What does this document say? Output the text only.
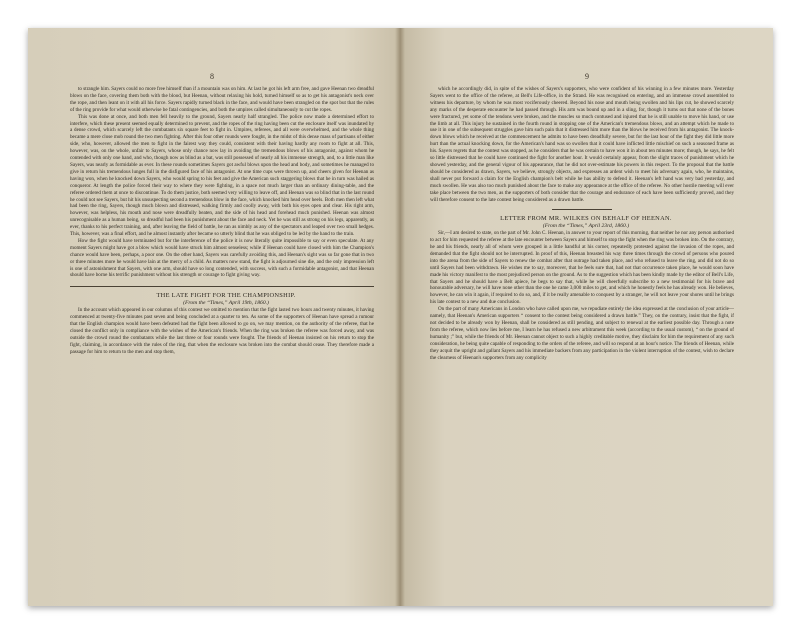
8

to strangle him. Sayers could no more free himself than if a mountain was on him. At last he got his left arm free, and gave Heenan two dreadful blows on the face, covering them both with the blood, but Heenan, without relaxing his hold, turned himself so as to get his antagonist's neck over the rope, and then leant on it with all his force. Sayers rapidly turned black in the face, and would have been strangled on the spot but that the rules of the ring provide for what would otherwise be fatal contingencies, and both the umpires called simultaneously to cut the ropes.

This was done at once, and both men fell heavily to the ground, Sayers nearly half strangled. The police now made a determined effort to interfere, which these present seemed equally determined to prevent, and the ropes of the ring having been cut the enclosure itself was inundated by a dense crowd, which scarcely left the combatants six square feet to fight in. Umpires, referees, and all were overwhelmed, and the whole thing became a mere close mob round the two men fighting. After this four other rounds were fought, in the midst of this dense mass of partisans of either side, who, however, allowed the men to fight in the fairest way they could, consistent with their having hardly any room to fight at all. This, however, was, on the whole, unfair to Sayers, whose only chance now lay in avoiding the tremendous blows of his antagonist, against whom he contended with only one hand, and who, though now as blind as a bat, was still possessed of nearly all his immense strength, and, to a little man like Sayers, was nearly as formidable as ever. In these rounds sometimes Sayers got awful blows upon the head and body, and sometimes he managed to give in return his tremendous lunges full in the disfigured face of his antagonist. At one time cups were thrown up, and cheers given for Heenan as having won, when he knocked down Sayers, who would spring to his feet and give the American such staggering blows that he in turn was hailed as conqueror. At length the police forced their way to where they were fighting, in a space not much larger than an ordinary dining-table, and the referee ordered them at once to discontinue. To do them justice, both seemed very willing to leave off, and Heenan was so blind that in the last round he could not see Sayers, but hit his unsuspecting second a tremendous blow in the face, which knocked him head over heels. Both men then left what had been the ring, Sayers, though much blown and distressed, walking firmly and coolly away, with both his eyes open and clear. His right arm, however, was helpless, his mouth and nose were dreadfully beaten, and the side of his head and forehead much punished. Heenan was almost unrecognisable as a human being, so dreadful had been his punishment about the face and neck. Yet he was still as strong on his legs, apparently, as ever, thanks to his perfect training, and, after leaving the field of battle, he ran as nimbly as any of the spectators and leaped over two small hedges. This, however, was a final effort, and he almost instantly after became so utterly blind that he was obliged to be led by the hand to the train.

How the fight would have terminated but for the interference of the police it is now literally quite impossible to say or even speculate. At any moment Sayers might have got a blow which would have struck him almost senseless; while if Heenan could have closed with him the Champion's chance would have been, perhaps, a poor one. On the other hand, Sayers was carefully avoiding this, and Heenan's sight was so far gone that in two or three minutes more he would have lain at the mercy of a child. As matters now stand, the fight is adjourned sine die, and the only impression left is one of astonishment that Sayers, with one arm, should have so long contended, with success, with such a formidable antagonist, and that Heenan should have borne his terrific punishment without his strength or courage to fight giving way.

THE LATE FIGHT FOR THE CHAMPIONSHIP.

(From the “Times,” April 19th, 1860.)

In the account which appeared in our columns of this contest we omitted to mention that the fight lasted two hours and twenty minutes, it having commenced at twenty-five minutes past seven and being concluded at a quarter to ten. As some of the supporters of Heenan have spread a rumour that the English champion would have been defeated had the fight been allowed to go on, we may mention, on the authority of the referee, that he closed the conflict only in compliance with the wishes of the American's friends. When the ring was broken the referee was forced away, and was outside the crowd round the combatants while the last three or four rounds were fought. The friends of Heenan insisted on his return to stop the fight, claiming, in accordance with the rules of the ring, that when the enclosure was broken into the combat should cease. They therefore made a passage for him to return to the men and stop them,

9

which he accordingly did, in spite of the wishes of Sayers's supporters, who were confident of his winning in a few minutes more. Yesterday Sayers went to the office of the referee, at Bell's Life-office, in the Strand. He was recognised on entering, and an immense crowd assembled to witness his departure, by whom he was most vociferously cheered. Beyond his nose and mouth being swollen and his lips cut, he showed scarcely any marks of the desperate encounter he had passed through. His arm was bound up and in a sling, for, though it turns out that none of the bones were fractured, yet some of the tendons were broken, and the muscles so much contused and injured that he is still unable to move his hand, or use the limb at all. This injury he sustained in the fourth round in stopping one of the American's tremendous blows, and an attempt which he made to use it in one of the subsequent struggles gave him such pain that it distressed him more than the blows he received from his antagonist. The knock-down blows which he received at the commencement he admits to have been dreadfully severe, but for the last hour of the fight they did little more hurt than the actual knocking down, for the American's hand was so swollen that it could have inflicted little mischief on such a seasoned frame as his. Sayers regrets that the contest was stopped, as he considers that he was certain to have won it in about ten minutes more; though, he says, he felt so little distressed that he could have continued the fight for another hour. It would certainly appear, from the slight traces of punishment which he showed yesterday, and the general vigour of his appearance, that he did not over-estimate his powers in this respect. To the proposal that the battle should be considered as drawn, Sayers, we believe, strongly objects, and expresses an ardent wish to meet his adversary again, who, he maintains, shall never put forward a claim for the English champion's belt while he has ability to defend it. Heenan's left hand was very bad yesterday, and much swollen. He was also too much punished about the face to make any appearance at the office of the referee. No other hostile meeting will ever take place between the two men, as the supporters of both consider that the courage and endurance of each have been sufficiently proved, and they will therefore consent to the late contest being considered as a drawn battle.

LETTER FROM MR. WILKES ON BEHALF OF HEENAN.

(From the “Times,” April 23rd, 1860.)

Sir,—I am desired to state, on the part of Mr. John C. Heenan, in answer to your report of this morning, that neither he nor any person authorised to act for him requested the referee at the late encounter between Sayers and himself to stop the fight when the ring was broken into. On the contrary, he and his friends, nearly all of whom were grouped in a little handful at his corner, repeatedly protested against the invasion of the ropes, and demanded that the fight should not be interrupted. In proof of this, Heenan breasted his way three times through the crowd of persons who poured into the arena from the side of Sayers to renew the combat after that outrage had taken place, and who refused to leave the ring, and did not do so until Sayers had been withdrawn. He wishes me to say, moreover, that he feels sure that, had not that occurrence taken place, he would soon have made his victory manifest to the most prejudiced person on the ground. As to the suggestion which has been kindly made by the editor of Bell's Life, that Sayers and he should have a Belt apiece, he begs to say that, while he will cheerfully subscribe to a new testimonial for his brave and honourable adversary, he will have none other than the one he came 3,000 miles to get, and which he honestly feels he has already won. He believes, however, he can win it again, if required to do so, and, if it be really amenable to conquest by a stranger, he will not leave your shores until he brings his late contest to a new and due conclusion.

On the part of many Americans in London who have called upon me, we repudiate entirely the idea expressed at the conclusion of your article—namely, that Heenan's American supporters “ consent to the contest being considered a drawn battle.” They, on the contrary, insist that the fight, if not decided to be already won by Heenan, shall be considered as still pending, and subject to renewal at the earliest possible day. Through a note from the referee, which now lies before me, I learn he has refused a new arbitrament this week (according to the usual custom), “ on the ground of humanity ;” but, while the friends of Mr. Heenan cannot object to such a highly creditable motive, they disclaim for him the requirement of any such consideration, he being quite capable of responding to the orders of the referee, and will so respond at an hour's notice. The friends of Heenan, while they acquit the upright and gallant Sayers and his immediate backers from any participation in the violent interruption of the contest, wish to declare the clearness of Heenan's supporters from any complicity
